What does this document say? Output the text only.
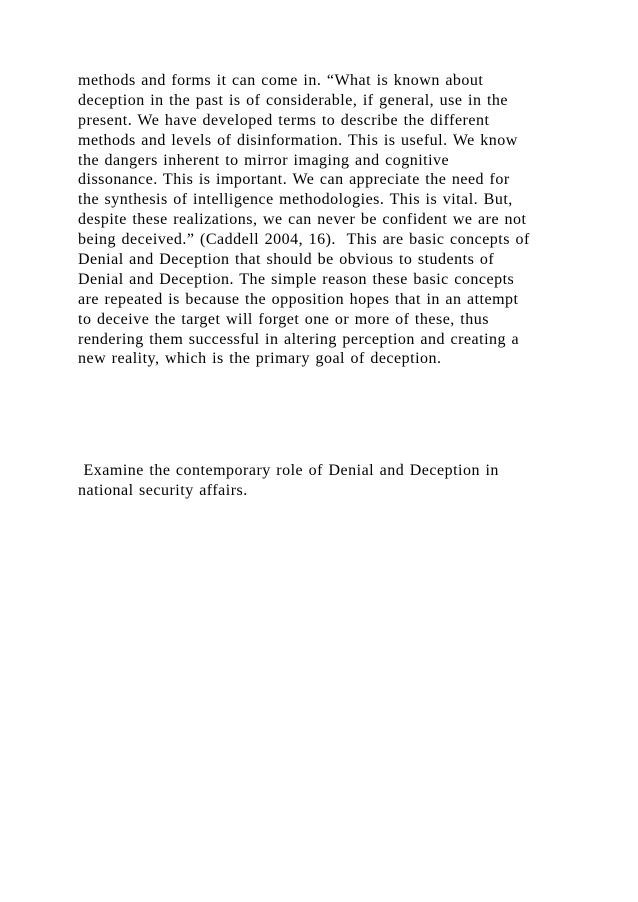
methods and forms it can come in. “What is known about
deception in the past is of considerable, if general, use in the
present. We have developed terms to describe the different
methods and levels of disinformation. This is useful. We know
the dangers inherent to mirror imaging and cognitive
dissonance. This is important. We can appreciate the need for
the synthesis of intelligence methodologies. This is vital. But,
despite these realizations, we can never be confident we are not
being deceived.” (Caddell 2004, 16).  This are basic concepts of
Denial and Deception that should be obvious to students of
Denial and Deception. The simple reason these basic concepts
are repeated is because the opposition hopes that in an attempt
to deceive the target will forget one or more of these, thus
rendering them successful in altering perception and creating a
new reality, which is the primary goal of deception.
Examine the contemporary role of Denial and Deception in
national security affairs.
